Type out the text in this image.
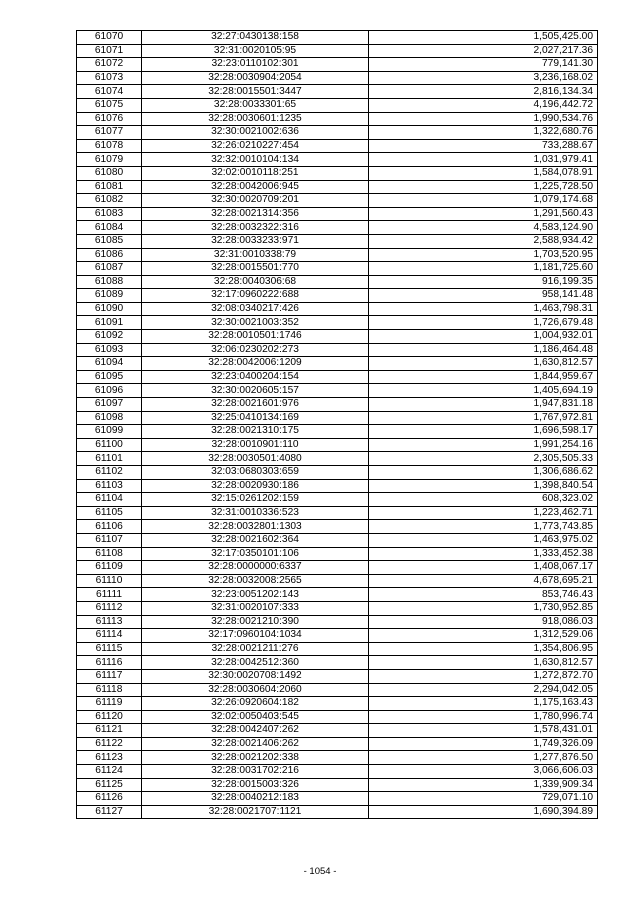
61070	32:27:0430138:158	1,505,425.00
61071	32:31:0020105:95	2,027,217.36
61072	32:23:0110102:301	779,141.30
61073	32:28:0030904:2054	3,236,168.02
61074	32:28:0015501:3447	2,816,134.34
61075	32:28:0033301:65	4,196,442.72
61076	32:28:0030601:1235	1,990,534.76
61077	32:30:0021002:636	1,322,680.76
61078	32:26:0210227:454	733,288.67
61079	32:32:0010104:134	1,031,979.41
61080	32:02:0010118:251	1,584,078.91
61081	32:28:0042006:945	1,225,728.50
61082	32:30:0020709:201	1,079,174.68
61083	32:28:0021314:356	1,291,560.43
61084	32:28:0032322:316	4,583,124.90
61085	32:28:0033233:971	2,588,934.42
61086	32:31:0010338:79	1,703,520.95
61087	32:28:0015501:770	1,181,725.60
61088	32:28:0040306:68	916,199.35
61089	32:17:0960222:688	958,141.48
61090	32:08:0340217:426	1,463,798.31
61091	32:30:0021003:352	1,726,679.48
61092	32:28:0010501:1746	1,004,932.01
61093	32:06:0230202:273	1,186,464.48
61094	32:28:0042006:1209	1,630,812.57
61095	32:23:0400204:154	1,844,959.67
61096	32:30:0020605:157	1,405,694.19
61097	32:28:0021601:976	1,947,831.18
61098	32:25:0410134:169	1,767,972.81
61099	32:28:0021310:175	1,696,598.17
61100	32:28:0010901:110	1,991,254.16
61101	32:28:0030501:4080	2,305,505.33
61102	32:03:0680303:659	1,306,686.62
61103	32:28:0020930:186	1,398,840.54
61104	32:15:0261202:159	608,323.02
61105	32:31:0010336:523	1,223,462.71
61106	32:28:0032801:1303	1,773,743.85
61107	32:28:0021602:364	1,463,975.02
61108	32:17:0350101:106	1,333,452.38
61109	32:28:0000000:6337	1,408,067.17
61110	32:28:0032008:2565	4,678,695.21
61111	32:23:0051202:143	853,746.43
61112	32:31:0020107:333	1,730,952.85
61113	32:28:0021210:390	918,086.03
61114	32:17:0960104:1034	1,312,529.06
61115	32:28:0021211:276	1,354,806.95
61116	32:28:0042512:360	1,630,812.57
61117	32:30:0020708:1492	1,272,872.70
61118	32:28:0030604:2060	2,294,042.05
61119	32:26:0920604:182	1,175,163.43
61120	32:02:0050403:545	1,780,996.74
61121	32:28:0042407:262	1,578,431.01
61122	32:28:0021406:262	1,749,326.09
61123	32:28:0021202:338	1,277,876.50
61124	32:28:0031702:216	3,066,606.03
61125	32:28:0015003:326	1,339,909.34
61126	32:28:0040212:183	729,071.10
61127	32:28:0021707:1121	1,690,394.89
- 1054 -
